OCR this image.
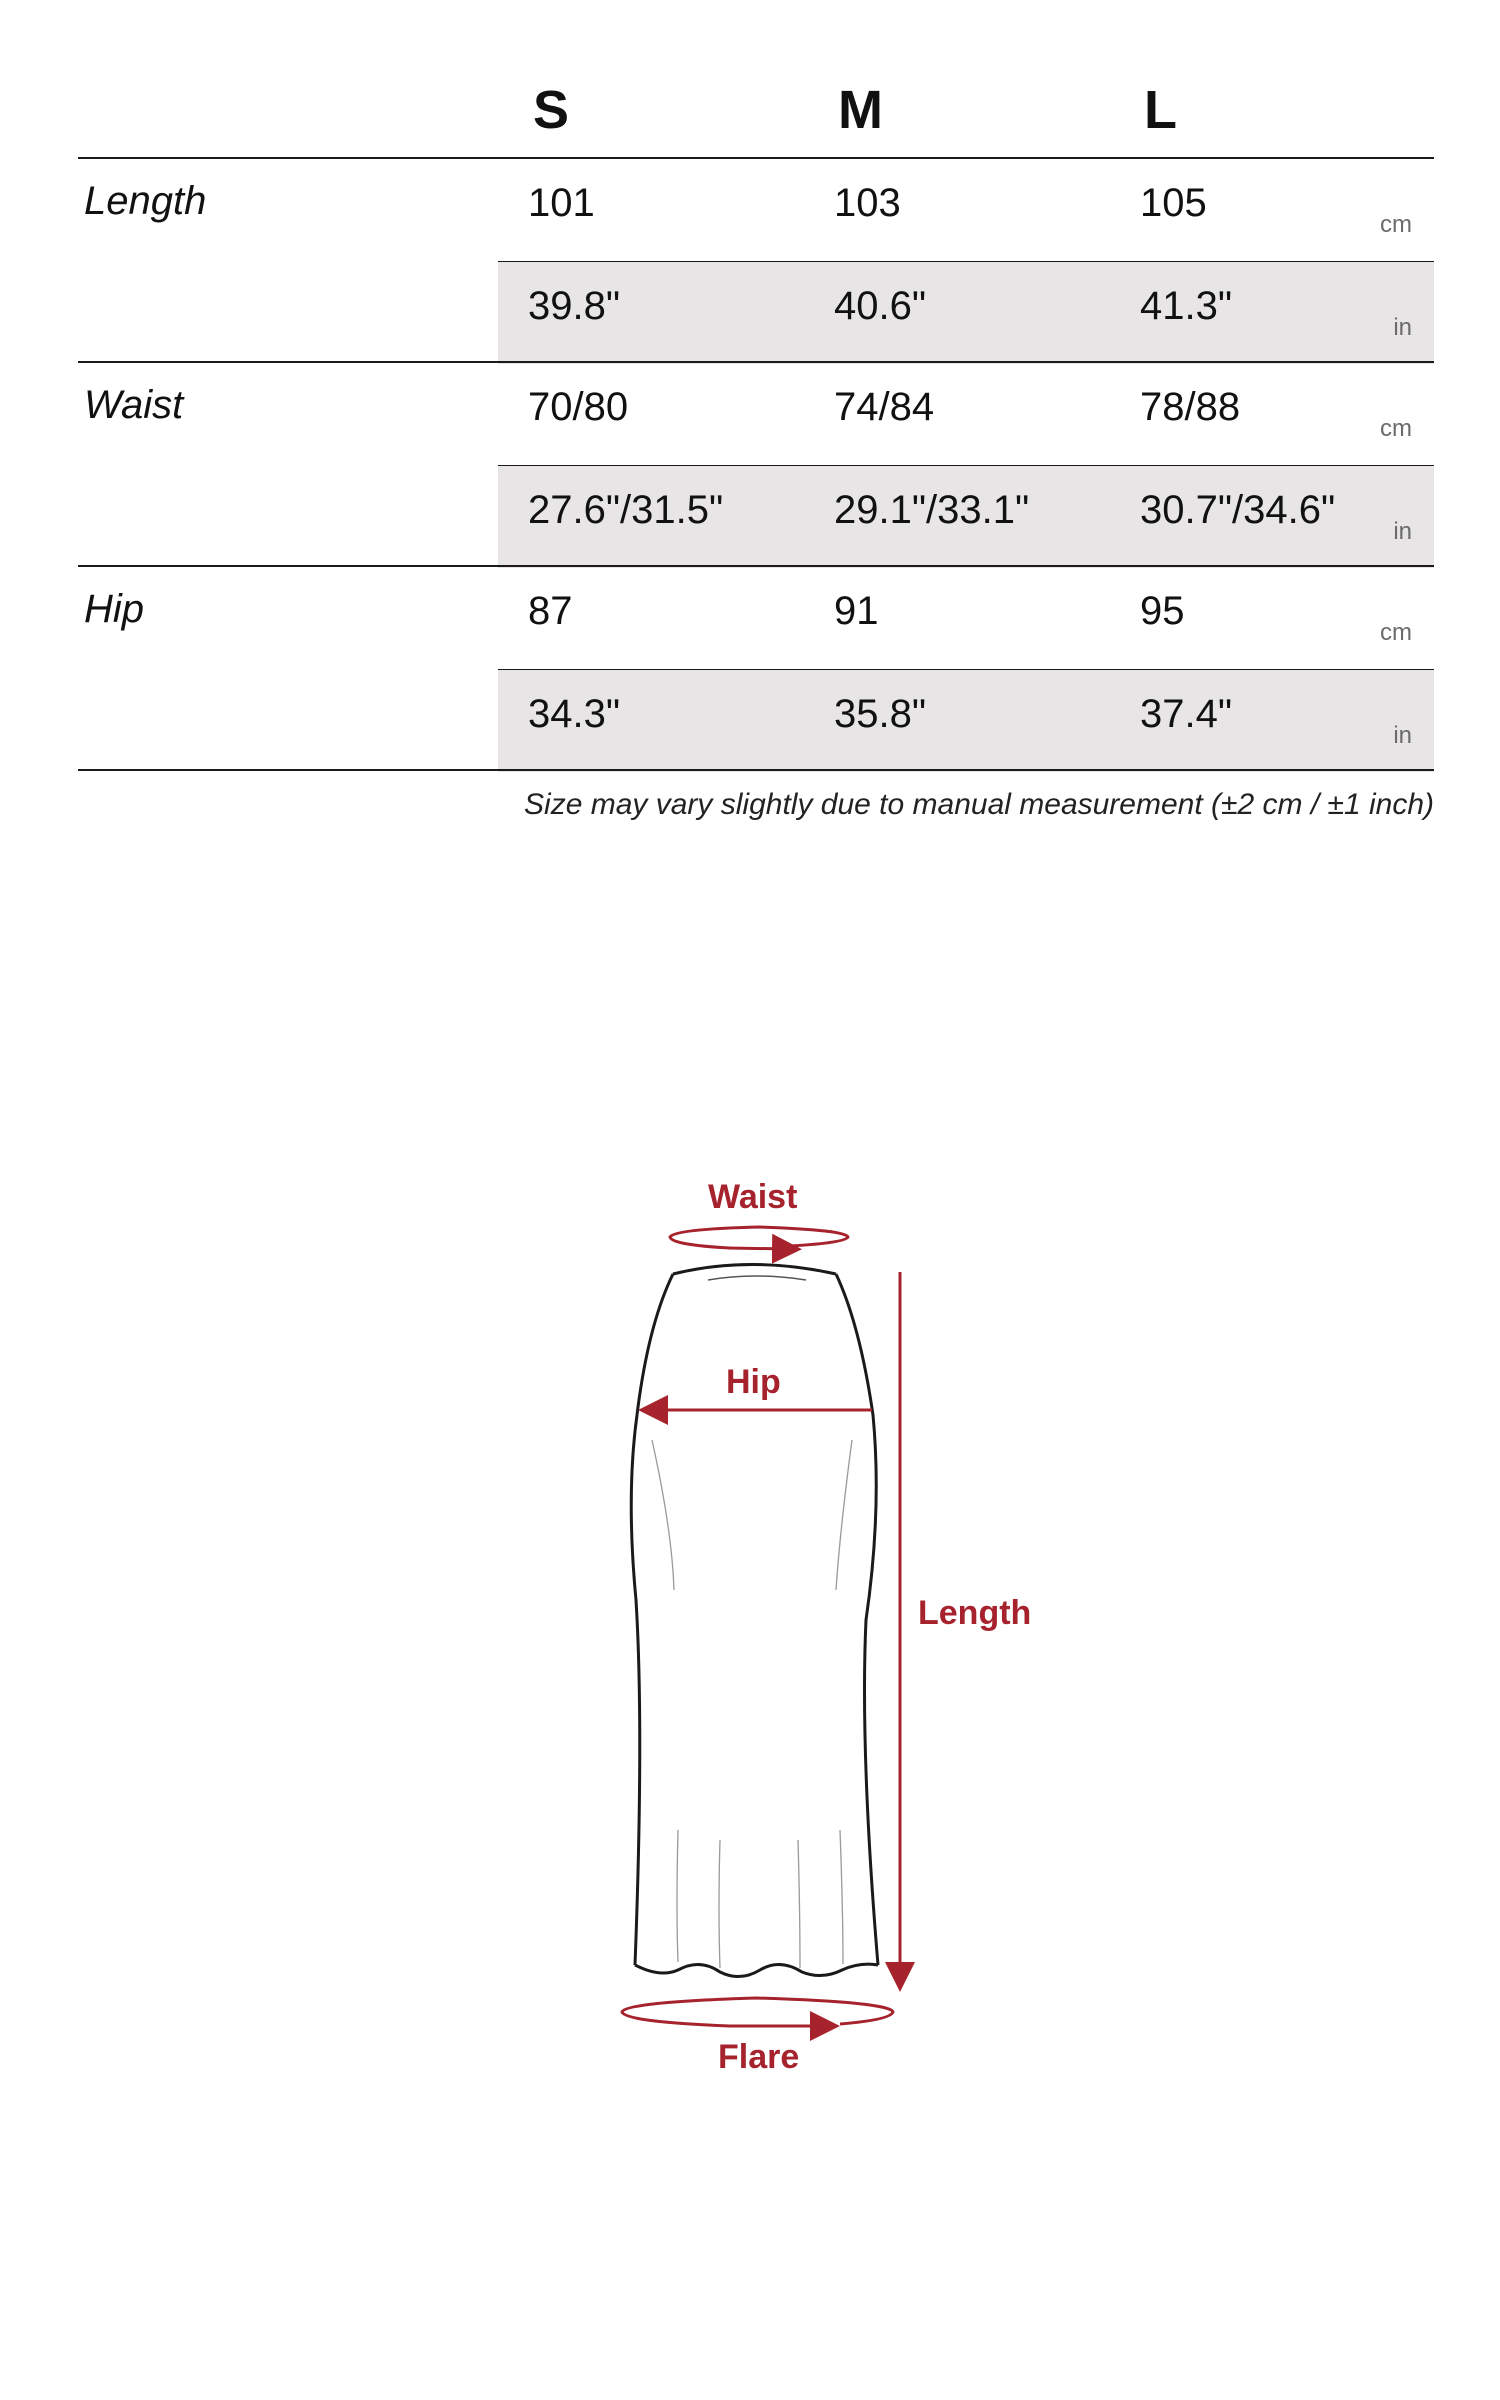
S	M	L
Length	101	103	105	cm
39.8"	40.6"	41.3"	in
Waist	70/80	74/84	78/88	cm
27.6"/31.5"	29.1"/33.1"	30.7"/34.6" in
Hip	87	91	95	cm
34.3"	35.8"	37.4"	in
Size may vary slightly due to manual measurement (±2 cm / ±1 inch)
Waist
Hip
Length
Flare
